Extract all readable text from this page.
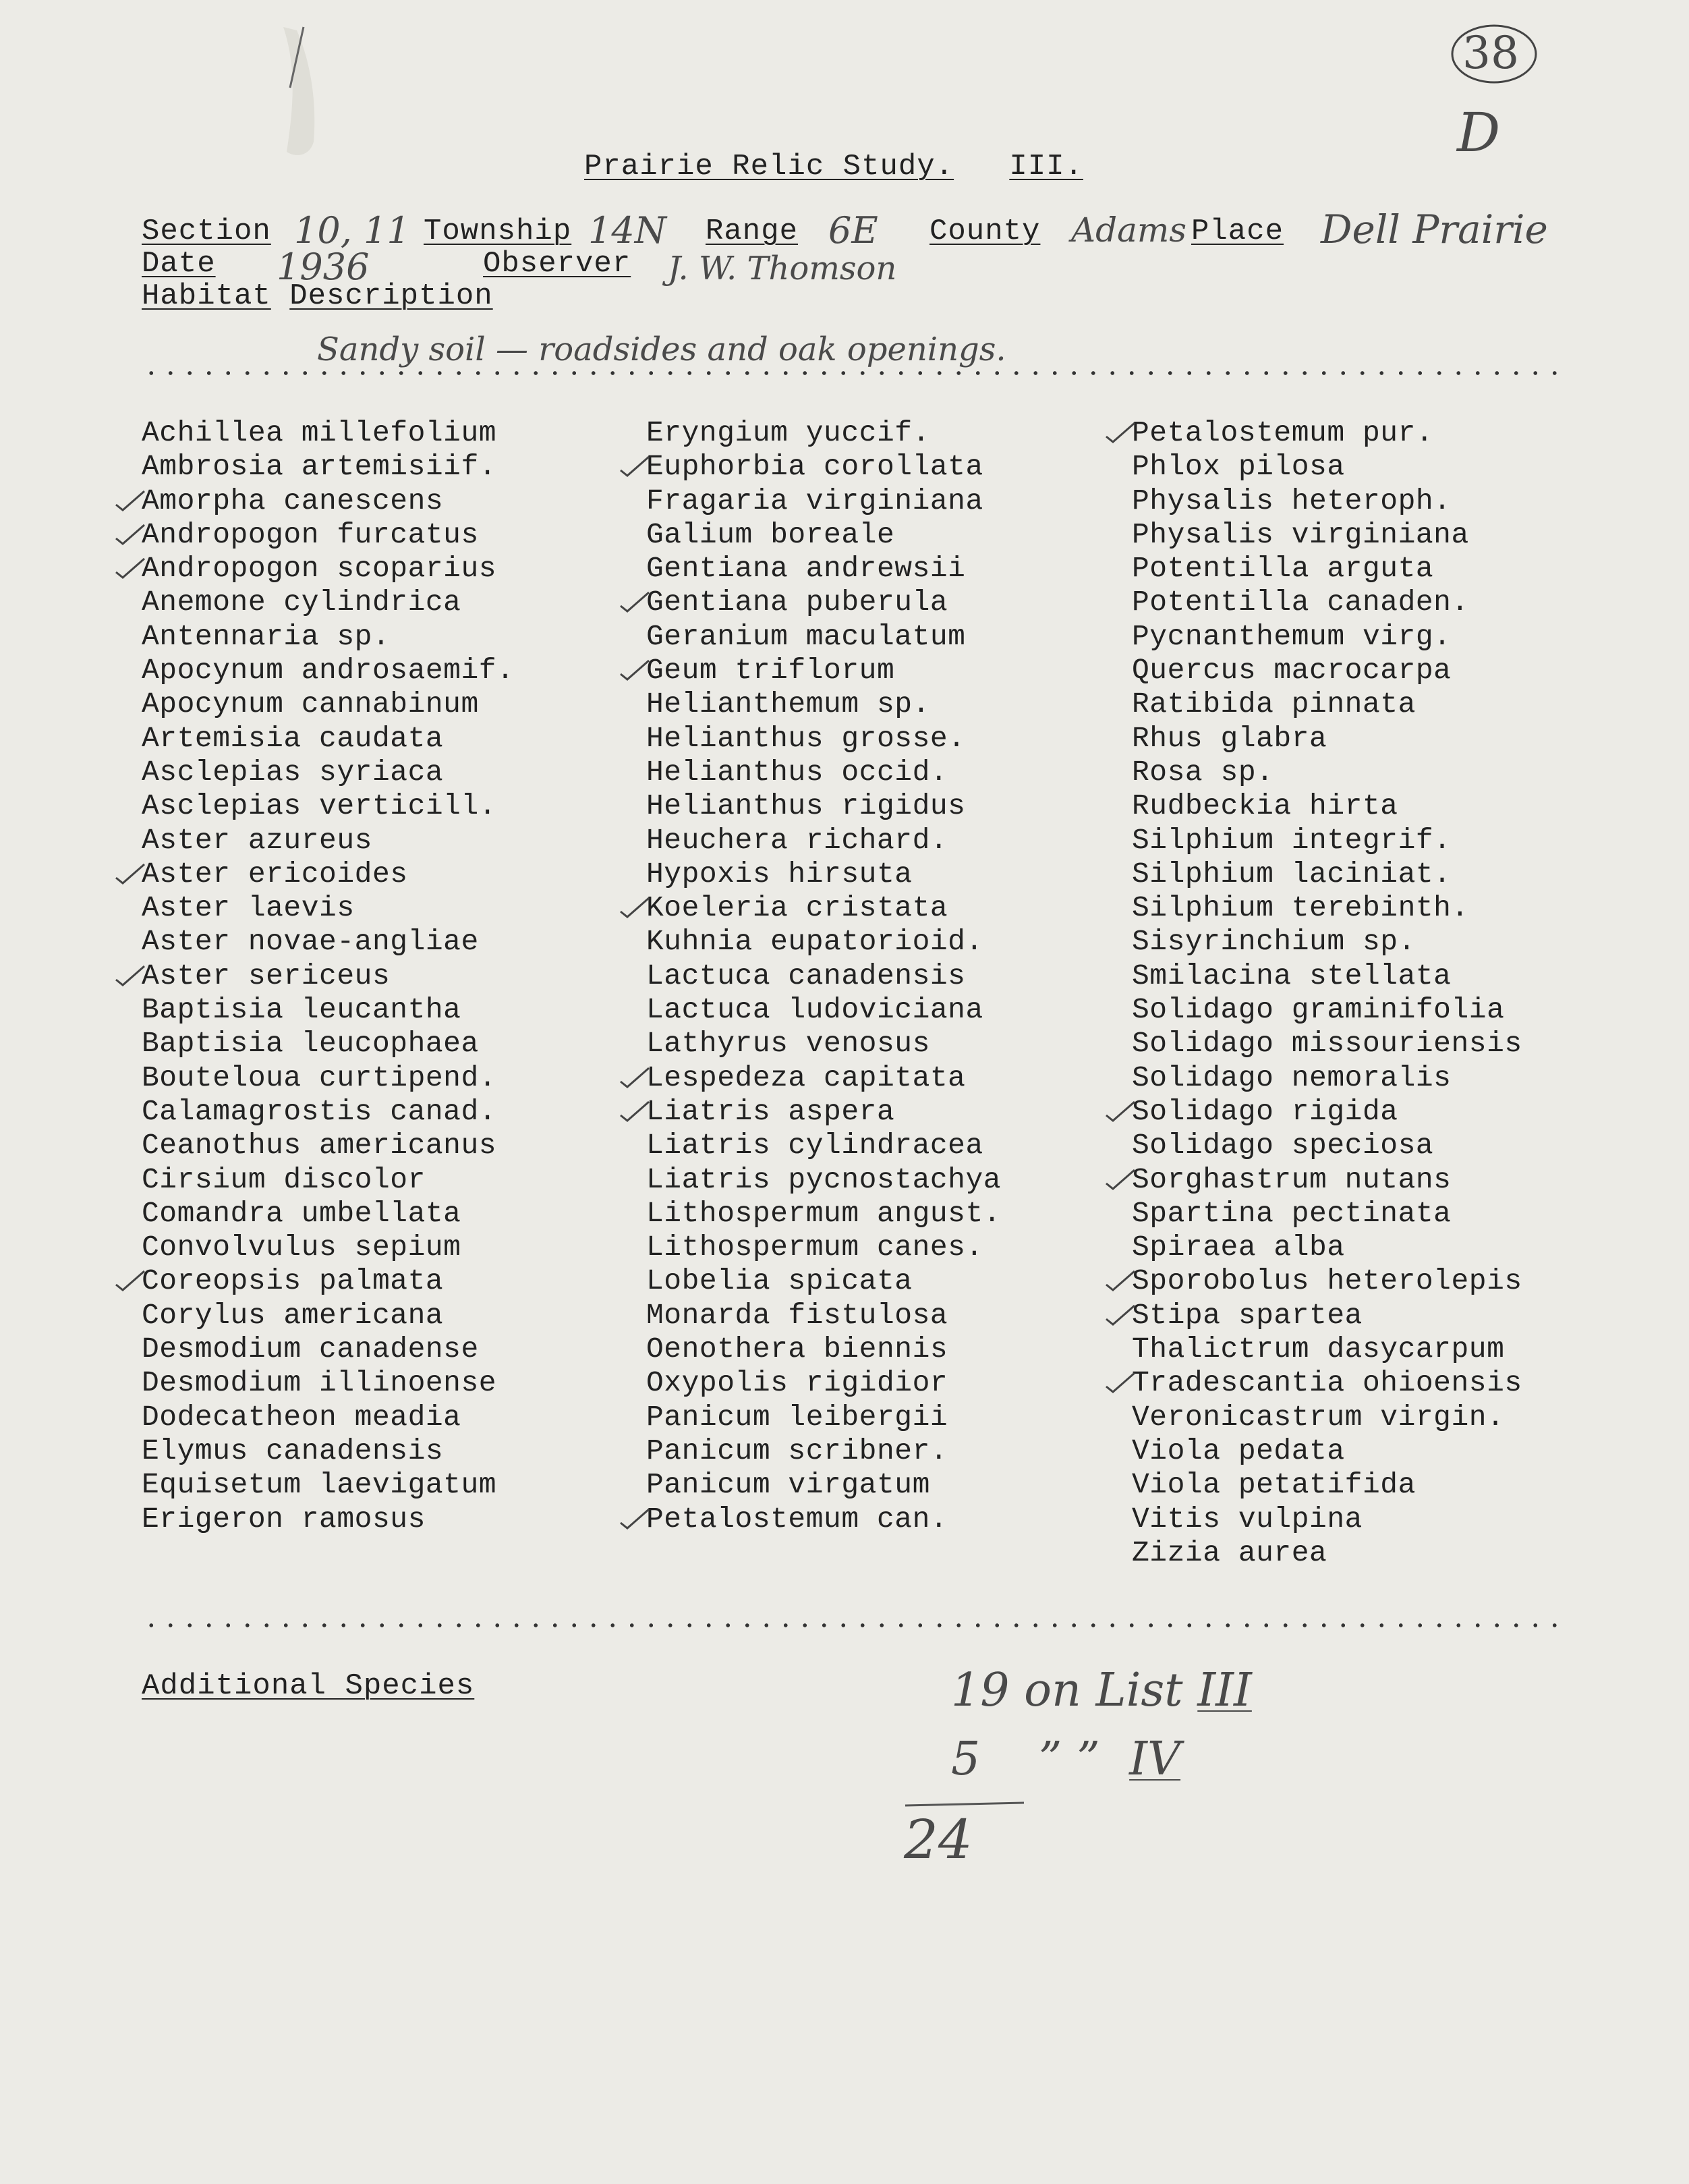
38
D
Prairie Relic Study. III.
Section 10, 11 Township 14N Range 6E County Adams Place Dell Prairie
Date 1936	Observer J. W. Thomson
Habitat Description
Sandy soil — roadsides and oak openings.
Achillea millefolium
Ambrosia artemisiif.
Amorpha canescens
Andropogon furcatus
Andropogon scoparius
Anemone cylindrica
Antennaria sp.
Apocynum androsaemif.
Apocynum cannabinum
Artemisia caudata
Asclepias syriaca
Asclepias verticill.
Aster azureus
Aster ericoides
Aster laevis
Aster novae-angliae
Aster sericeus
Baptisia leucantha
Baptisia leucophaea
Bouteloua curtipend.
Calamagrostis canad.
Ceanothus americanus
Cirsium discolor
Comandra umbellata
Convolvulus sepium
Coreopsis palmata
Corylus americana
Desmodium canadense
Desmodium illinoense
Dodecatheon meadia
Elymus canadensis
Equisetum laevigatum
Erigeron ramosus
Eryngium yuccif.
Euphorbia corollata
Fragaria virginiana
Galium boreale
Gentiana andrewsii
Gentiana puberula
Geranium maculatum
Geum triflorum
Helianthemum sp.
Helianthus grosse.
Helianthus occid.
Helianthus rigidus
Heuchera richard.
Hypoxis hirsuta
Koeleria cristata
Kuhnia eupatorioid.
Lactuca canadensis
Lactuca ludoviciana
Lathyrus venosus
Lespedeza capitata
Liatris aspera
Liatris cylindracea
Liatris pycnostachya
Lithospermum angust.
Lithospermum canes.
Lobelia spicata
Monarda fistulosa
Oenothera biennis
Oxypolis rigidior
Panicum leibergii
Panicum scribner.
Panicum virgatum
Petalostemum can.
Petalostemum pur.
Phlox pilosa
Physalis heteroph.
Physalis virginiana
Potentilla arguta
Potentilla canaden.
Pycnanthemum virg.
Quercus macrocarpa
Ratibida pinnata
Rhus glabra
Rosa sp.
Rudbeckia hirta
Silphium integrif.
Silphium laciniat.
Silphium terebinth.
Sisyrinchium sp.
Smilacina stellata
Solidago graminifolia
Solidago missouriensis
Solidago nemoralis
Solidago rigida
Solidago speciosa
Sorghastrum nutans
Spartina pectinata
Spiraea alba
Sporobolus heterolepis
Stipa spartea
Thalictrum dasycarpum
Tradescantia ohioensis
Veronicastrum virgin.
Viola pedata
Viola petatifida
Vitis vulpina
Zizia aurea
Additional Species	19 on List III
5 ” ” IV
24
